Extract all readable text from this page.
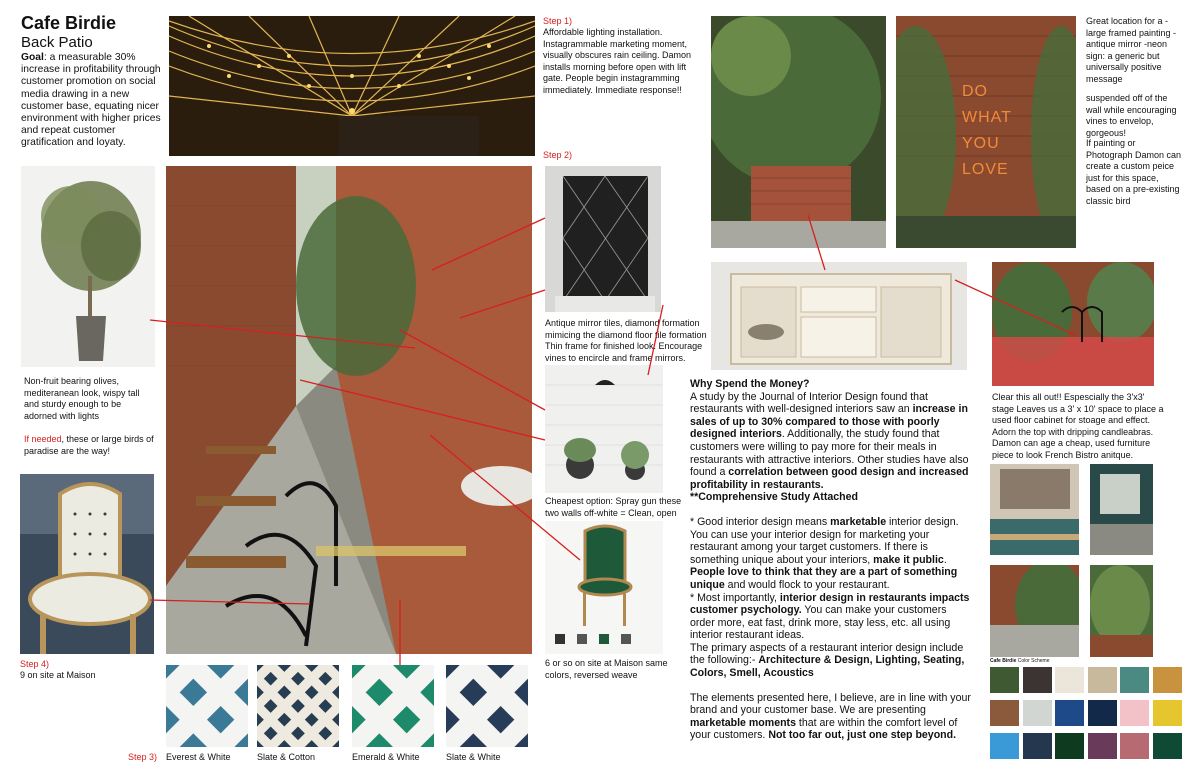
Cafe Birdie
Back Patio
Goal: a measurable 30% increase in profitability through customer promotion on social media drawing in a new customer base, equating nicer environment with higher prices and repeat customer gratification and loyaty.
Step 1)
Affordable lighting installation. Instagrammable marketing moment, visually obscures rain ceiling. Damon installs morning before open with lift gate. People begin instagramming immediately. Immediate response!!
Non-fruit bearing olives, mediteranean look, wispy tall and sturdy enough to be adorned with lights
If needed, these or large birds of paradise are the way!
Step 4)
9 on site at Maison
Step 2)
Antique mirror tiles, diamond formation mimicing the diamond floor tile formation Thin frame for finished look. Encourage vines to encircle and frame mirrors.
Cheapest option: Spray gun these two walls off-white = Clean, open
6 or so on site at Maison same colors, reversed weave
Step 3) Everest & White	Slate & Cotton	Emerald & White	Slate & White
DO
WHAT
YOU
LOVE
Great location for a -large framed painting -antique mirror -neon sign: a generic but universally positive message
suspended off of the wall while encouraging vines to envelop, gorgeous!
If painting or Photograph Damon can create a custom peice just for this space, based on a pre-existing classic bird
Clear this all out!! Espescially the 3'x3' stage Leaves us a 3' x 10' space to place a used floor cabinet for stoage and effect. Adorn the top with dripping candleabras. Damon can age a cheap, used furniture piece to look French Bistro anitque.
Cafe Birdie Color Scheme

Why Spend the Money?

A study by the Journal of Interior Design found that restaurants with well-designed interiors saw an increase in sales of up to 30% compared to those with poorly designed interiors. Additionally, the study found that customers were willing to pay more for their meals in restaurants with attractive interiors. Other studies have also found a correlation between good design and increased profitability in restaurants.

**Comprehensive Study Attached

* Good interior design means marketable interior design. You can use your interior design for marketing your restaurant among your target customers. If there is something unique about your interiors, make it public. People love to think that they are a part of something unique and would flock to your restaurant.

* Most importantly, interior design in restaurants impacts customer psychology. You can make your customers order more, eat fast, drink more, stay less, etc. all using interior restaurant ideas.

The primary aspects of a restaurant interior design include the following:- Architecture & Design, Lighting, Seating, Colors, Smell, Acoustics

The elements presented here, I believe, are in line with your brand and your customer base. We are presenting marketable moments that are within the comfort level of your customers. Not too far out, just one step beyond.
